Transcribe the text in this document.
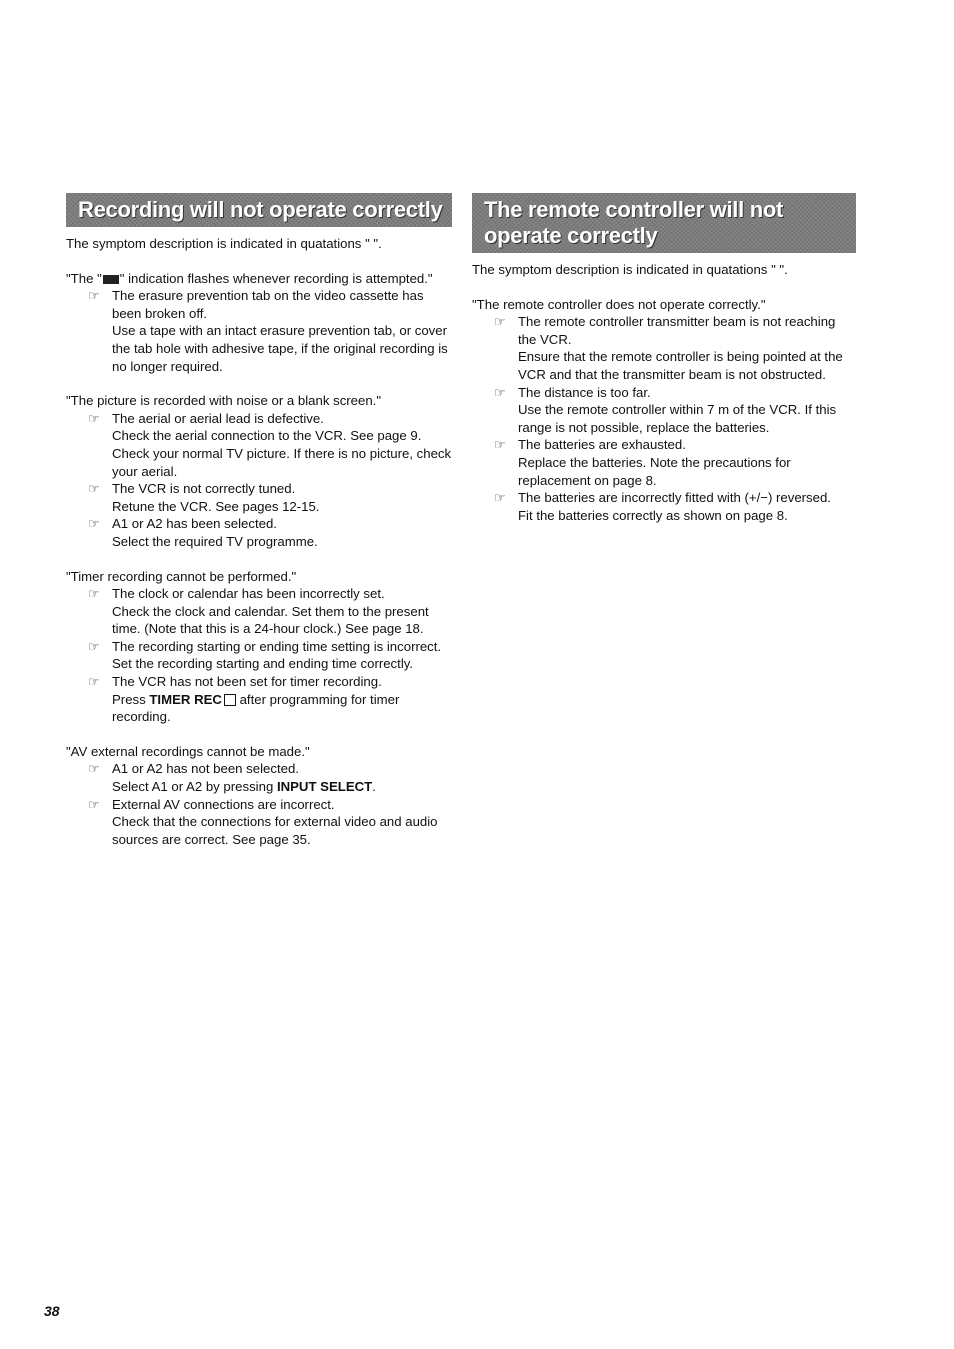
Recording will not operate correctly
The symptom description is indicated in quatations " ".
"The " " indication flashes whenever recording is attempted."
☞ The erasure prevention tab on the video cassette has been broken off.
Use a tape with an intact erasure prevention tab, or cover the tab hole with adhesive tape, if the original recording is no longer required.
"The picture is recorded with noise or a blank screen."
☞ The aerial or aerial lead is defective.
Check the aerial connection to the VCR. See page 9. Check your normal TV picture. If there is no picture, check your aerial.
☞ The VCR is not correctly tuned.
Retune the VCR. See pages 12-15.
☞ A1 or A2 has been selected.
Select the required TV programme.
"Timer recording cannot be performed."
☞ The clock or calendar has been incorrectly set.
Check the clock and calendar. Set them to the present time. (Note that this is a 24-hour clock.) See page 18.
☞ The recording starting or ending time setting is incorrect.
Set the recording starting and ending time correctly.
☞ The VCR has not been set for timer recording.
Press TIMER REC after programming for timer recording.
"AV external recordings cannot be made."
☞ A1 or A2 has not been selected.
Select A1 or A2 by pressing INPUT SELECT.
☞ External AV connections are incorrect.
Check that the connections for external video and audio sources are correct. See page 35.
The remote controller will not operate correctly
The symptom description is indicated in quatations " ".
"The remote controller does not operate correctly."
☞ The remote controller transmitter beam is not reaching the VCR.
Ensure that the remote controller is being pointed at the VCR and that the transmitter beam is not obstructed.
☞ The distance is too far.
Use the remote controller within 7 m of the VCR. If this range is not possible, replace the batteries.
☞ The batteries are exhausted.
Replace the batteries. Note the precautions for replacement on page 8.
☞ The batteries are incorrectly fitted with (+/−) reversed.
Fit the batteries correctly as shown on page 8.
38
